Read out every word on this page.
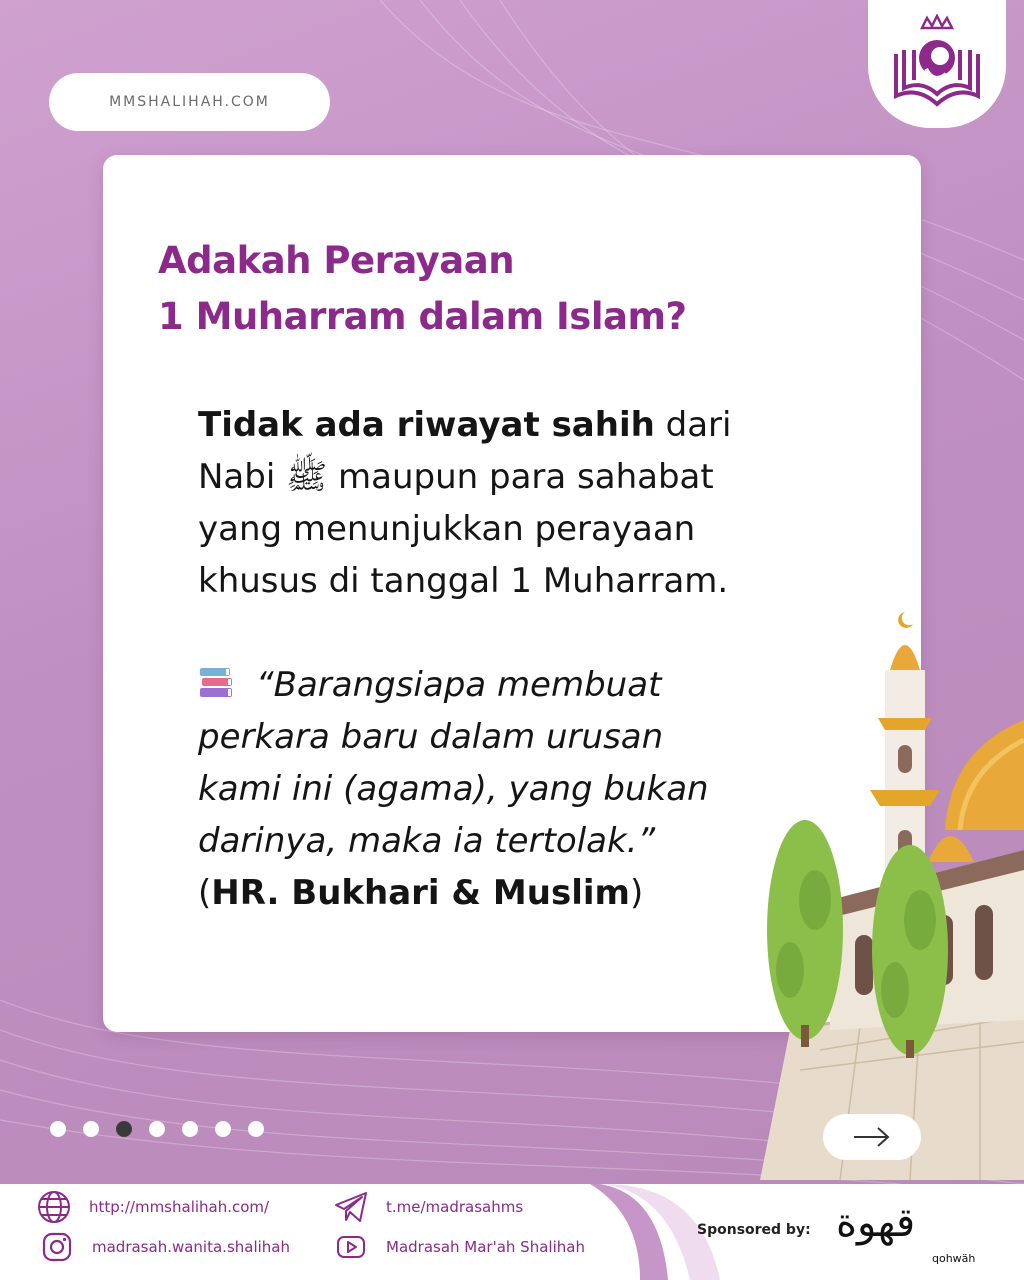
MMSHALIHAH.COM
Adakah Perayaan
1 Muharram dalam Islam?

Tidak ada riwayat sahih dari
Nabi ﷺ maupun para sahabat
yang menunjukkan perayaan
khusus di tanggal 1 Muharram.

“Barangsiapa membuat
perkara baru dalam urusan
kami ini (agama), yang bukan
darinya, maka ia tertolak.”
(HR. Bukhari & Muslim)

http://mmshalihah.com/	t.me/madrasahms
madrasah.wanita.shalihah	Madrasah Mar'ah Shalihah
Sponsored by: قهوة
qohwäh
